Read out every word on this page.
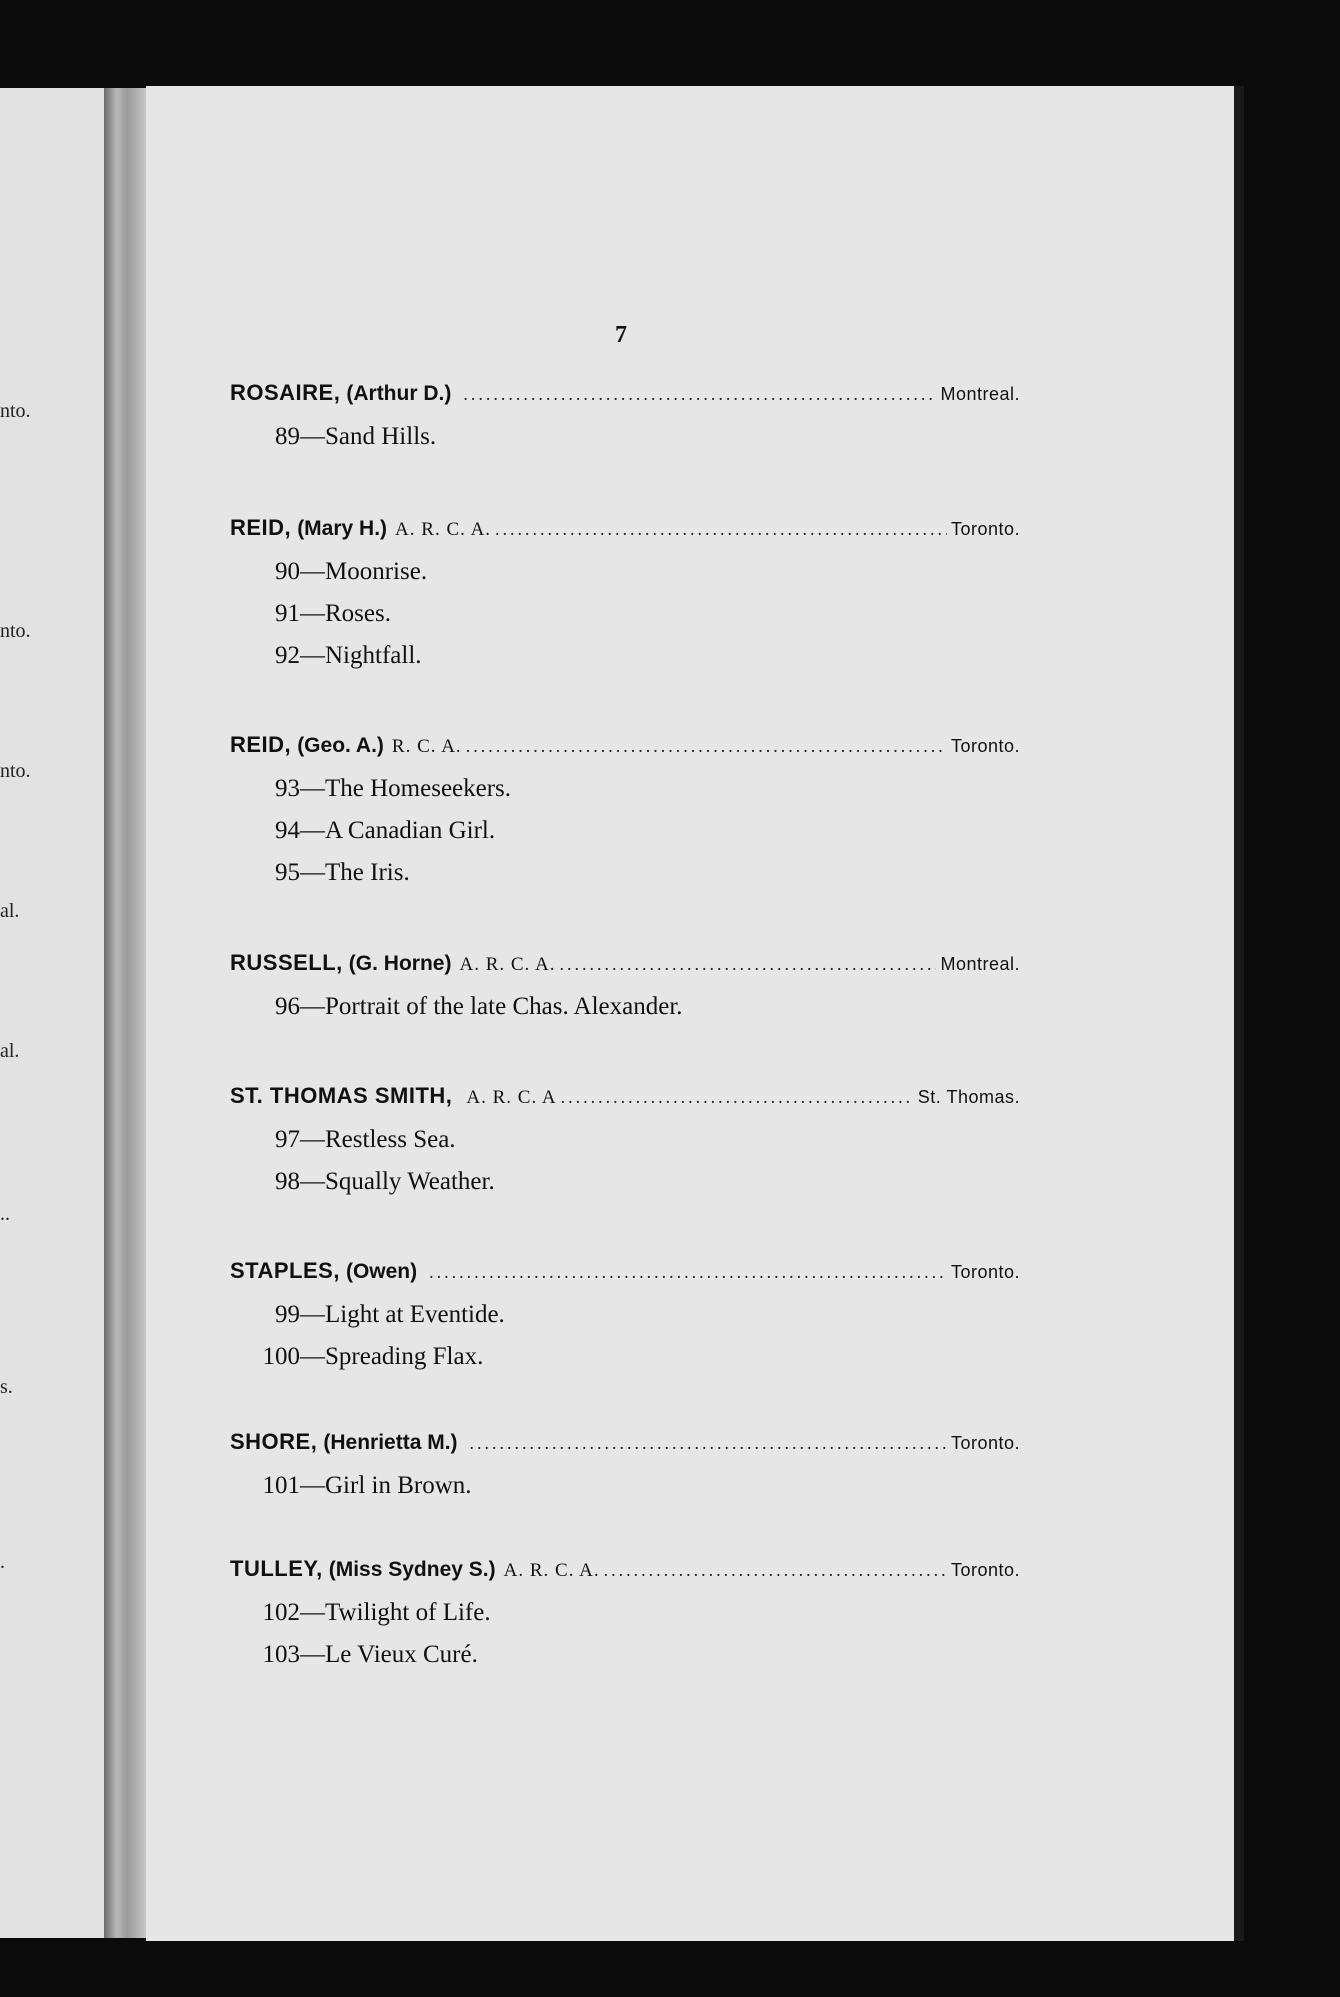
nto.
nto.
nto.
al.
al.
..
s.
.
7
ROSAIRE, (Arthur D.) .....	Montreal.
89—Sand Hills.
REID, (Mary H.) A. R. C. A. .....	Toronto.
90—Moonrise.
91—Roses.
92—Nightfall.
REID, (Geo. A.) R. C. A. .....	Toronto.
93—The Homeseekers.
94—A Canadian Girl.
95—The Iris.
RUSSELL, (G. Horne) A. R. C. A. .....	Montreal.
96—Portrait of the late Chas. Alexander.
ST. THOMAS SMITH, A. R. C. A .....	St. Thomas.
97—Restless Sea.
98—Squally Weather.
STAPLES, (Owen) .....	Toronto.
99—Light at Eventide.
100—Spreading Flax.
SHORE, (Henrietta M.) .....	Toronto.
101—Girl in Brown.
TULLEY, (Miss Sydney S.) A. R. C. A. .....	Toronto.
102—Twilight of Life.
103—Le Vieux Curé.
